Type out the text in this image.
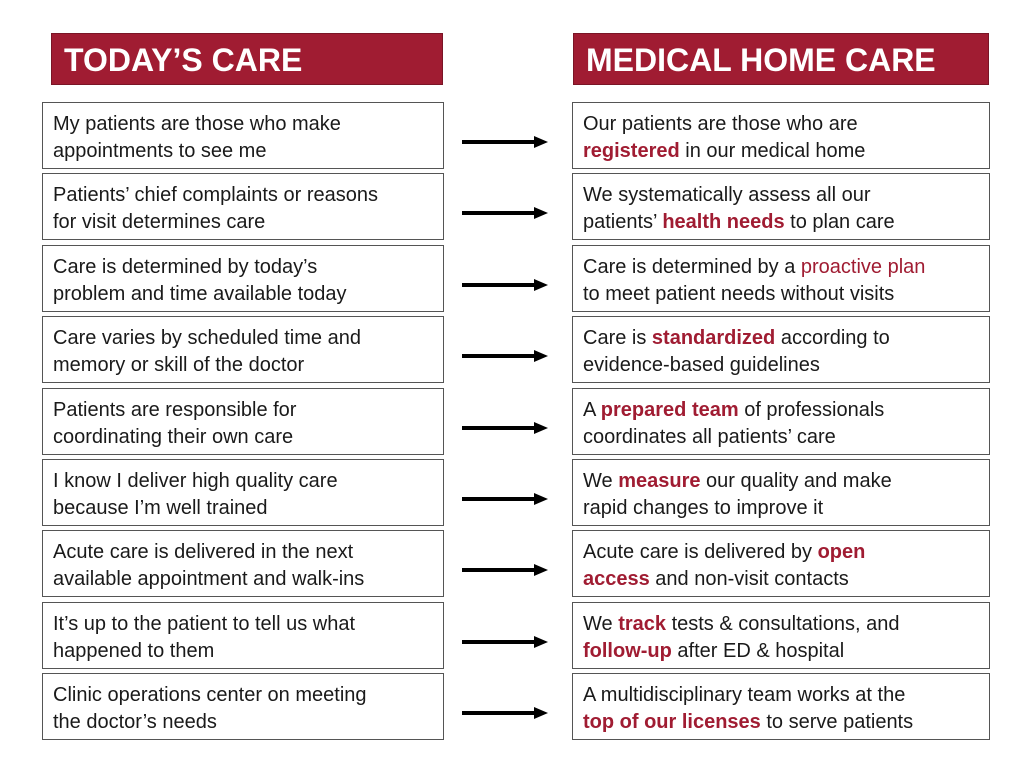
TODAY’S CARE	MEDICAL HOME CARE
My patients are those who make
appointments to see me
Our patients are those who are
registered in our medical home
Patients’ chief complaints or reasons
for visit determines care
We systematically assess all our
patients’ health needs to plan care
Care is determined by today’s
problem and time available today
Care is determined by a proactive plan
to meet patient needs without visits
Care varies by scheduled time and
memory or skill of the doctor
Care is standardized according to
evidence-based guidelines
Patients are responsible for
coordinating their own care
A prepared team of professionals
coordinates all patients’ care
I know I deliver high quality care
because I’m well trained
We measure our quality and make
rapid changes to improve it
Acute care is delivered in the next
available appointment and walk-ins
Acute care is delivered by open
access and non-visit contacts
It’s up to the patient to tell us what
happened to them
We track tests & consultations, and
follow-up after ED & hospital
Clinic operations center on meeting
the doctor’s needs
A multidisciplinary team works at the
top of our licenses to serve patients
